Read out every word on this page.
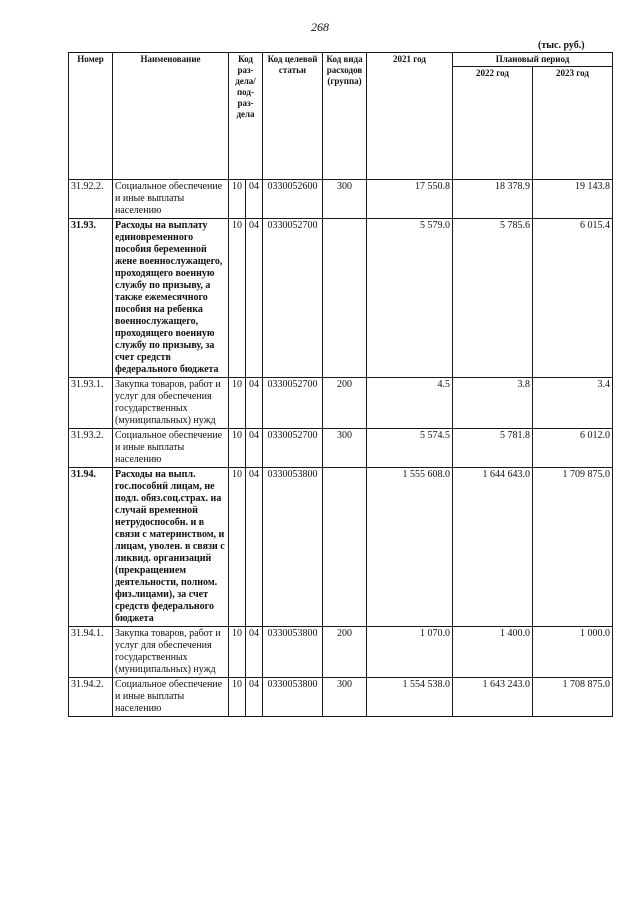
268
(тыс. руб.)
Номер	Наименование	Код раз-дела/ под-раз-дела		Код целевой статьи	Код вида расходов (группа)	2021 год	Плановый период	
							2022 год	2023 год
31.92.2.	Социальное обеспечение и иные выплаты населению	10	04	0330052600	300	17 550.8	18 378.9	19 143.8
31.93.	Расходы на выплату единовременного пособия беременной жене военнослужащего, проходящего военную службу по призыву, а также ежемесячного пособия на ребенка военнослужащего, проходящего военную службу по призыву, за счет средств федерального бюджета	10	04	0330052700		5 579.0	5 785.6	6 015.4
31.93.1.	Закупка товаров, работ и услуг для обеспечения государственных (муниципальных) нужд	10	04	0330052700	200	4.5	3.8	3.4
31.93.2.	Социальное обеспечение и иные выплаты населению	10	04	0330052700	300	5 574.5	5 781.8	6 012.0
31.94.	Расходы на выпл. гос.пособий лицам, не подл. обяз.соц.страх. на случай временной нетрудоспособн. и в связи с материнством, и лицам, уволен. в связи с ликвид. организаций (прекращением деятельности, полном. физ.лицами), за счет средств федерального бюджета	10	04	0330053800		1 555 608.0	1 644 643.0	1 709 875.0
31.94.1.	Закупка товаров, работ и услуг для обеспечения государственных (муниципальных) нужд	10	04	0330053800	200	1 070.0	1 400.0	1 000.0
31.94.2.	Социальное обеспечение и иные выплаты населению	10	04	0330053800	300	1 554 538.0	1 643 243.0	1 708 875.0
